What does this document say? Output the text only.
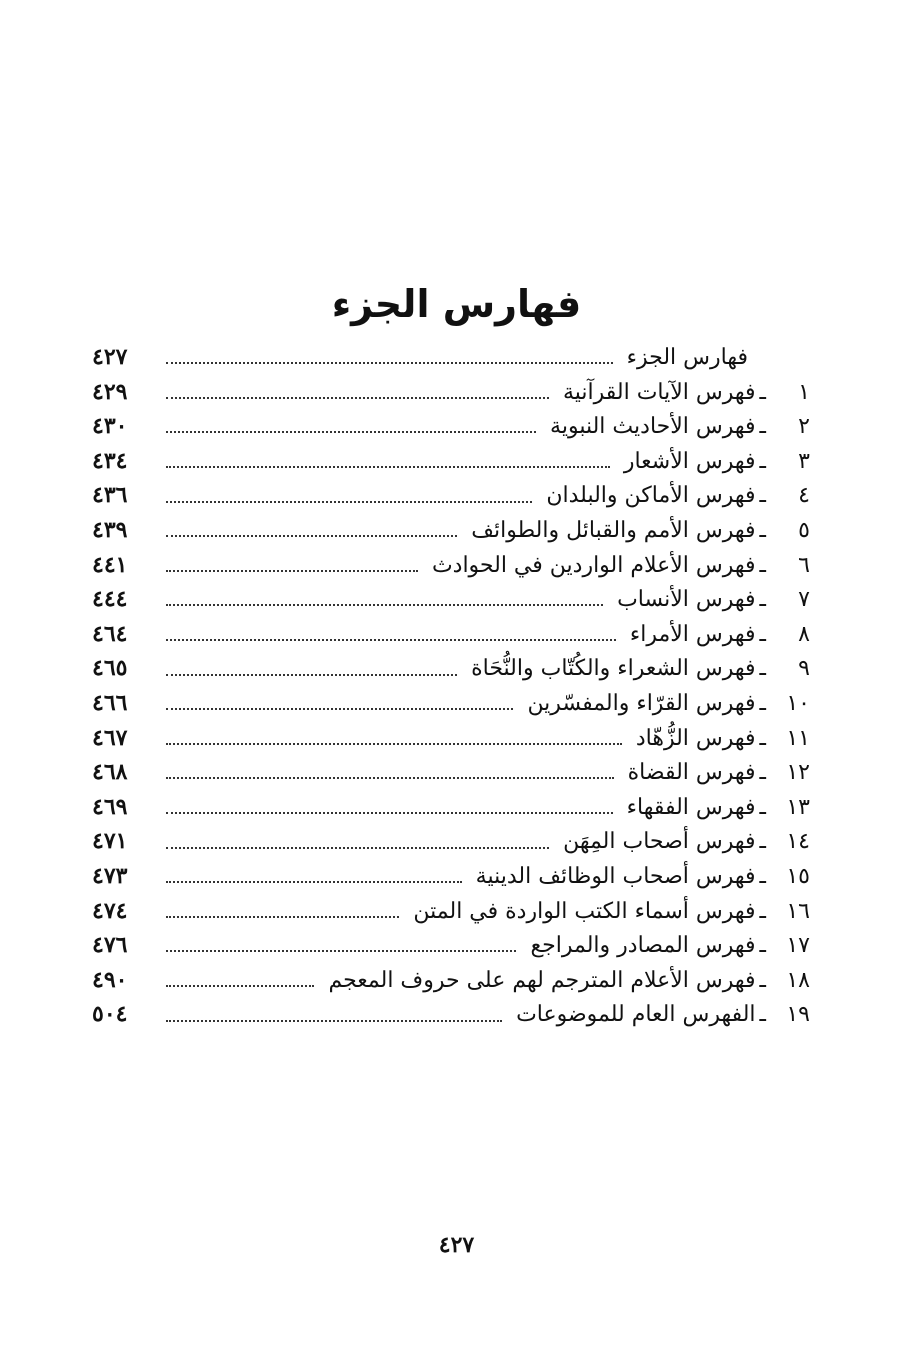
فهارس الجزء
فهارس الجزء
٤٢٧
١
ـ
فهرس الآيات القرآنية
٤٢٩
٢
ـ
فهرس الأحاديث النبوية
٤٣٠
٣
ـ
فهرس الأشعار
٤٣٤
٤
ـ
فهرس الأماكن والبلدان
٤٣٦
٥
ـ
فهرس الأمم والقبائل والطوائف
٤٣٩
٦
ـ
فهرس الأعلام الواردين في الحوادث
٤٤١
٧
ـ
فهرس الأنساب
٤٤٤
٨
ـ
فهرس الأمراء
٤٦٤
٩
ـ
فهرس الشعراء والكُتّاب والنُّحَاة
٤٦٥
١٠
ـ
فهرس القرّاء والمفسّرين
٤٦٦
١١
ـ
فهرس الزُّهّاد
٤٦٧
١٢
ـ
فهرس القضاة
٤٦٨
١٣
ـ
فهرس الفقهاء
٤٦٩
١٤
ـ
فهرس أصحاب المِهَن
٤٧١
١٥
ـ
فهرس أصحاب الوظائف الدينية
٤٧٣
١٦
ـ
فهرس أسماء الكتب الواردة في المتن
٤٧٤
١٧
ـ
فهرس المصادر والمراجع
٤٧٦
١٨
ـ
فهرس الأعلام المترجم لهم على حروف المعجم
٤٩٠
١٩
ـ
الفهرس العام للموضوعات
٥٠٤
٤٢٧
